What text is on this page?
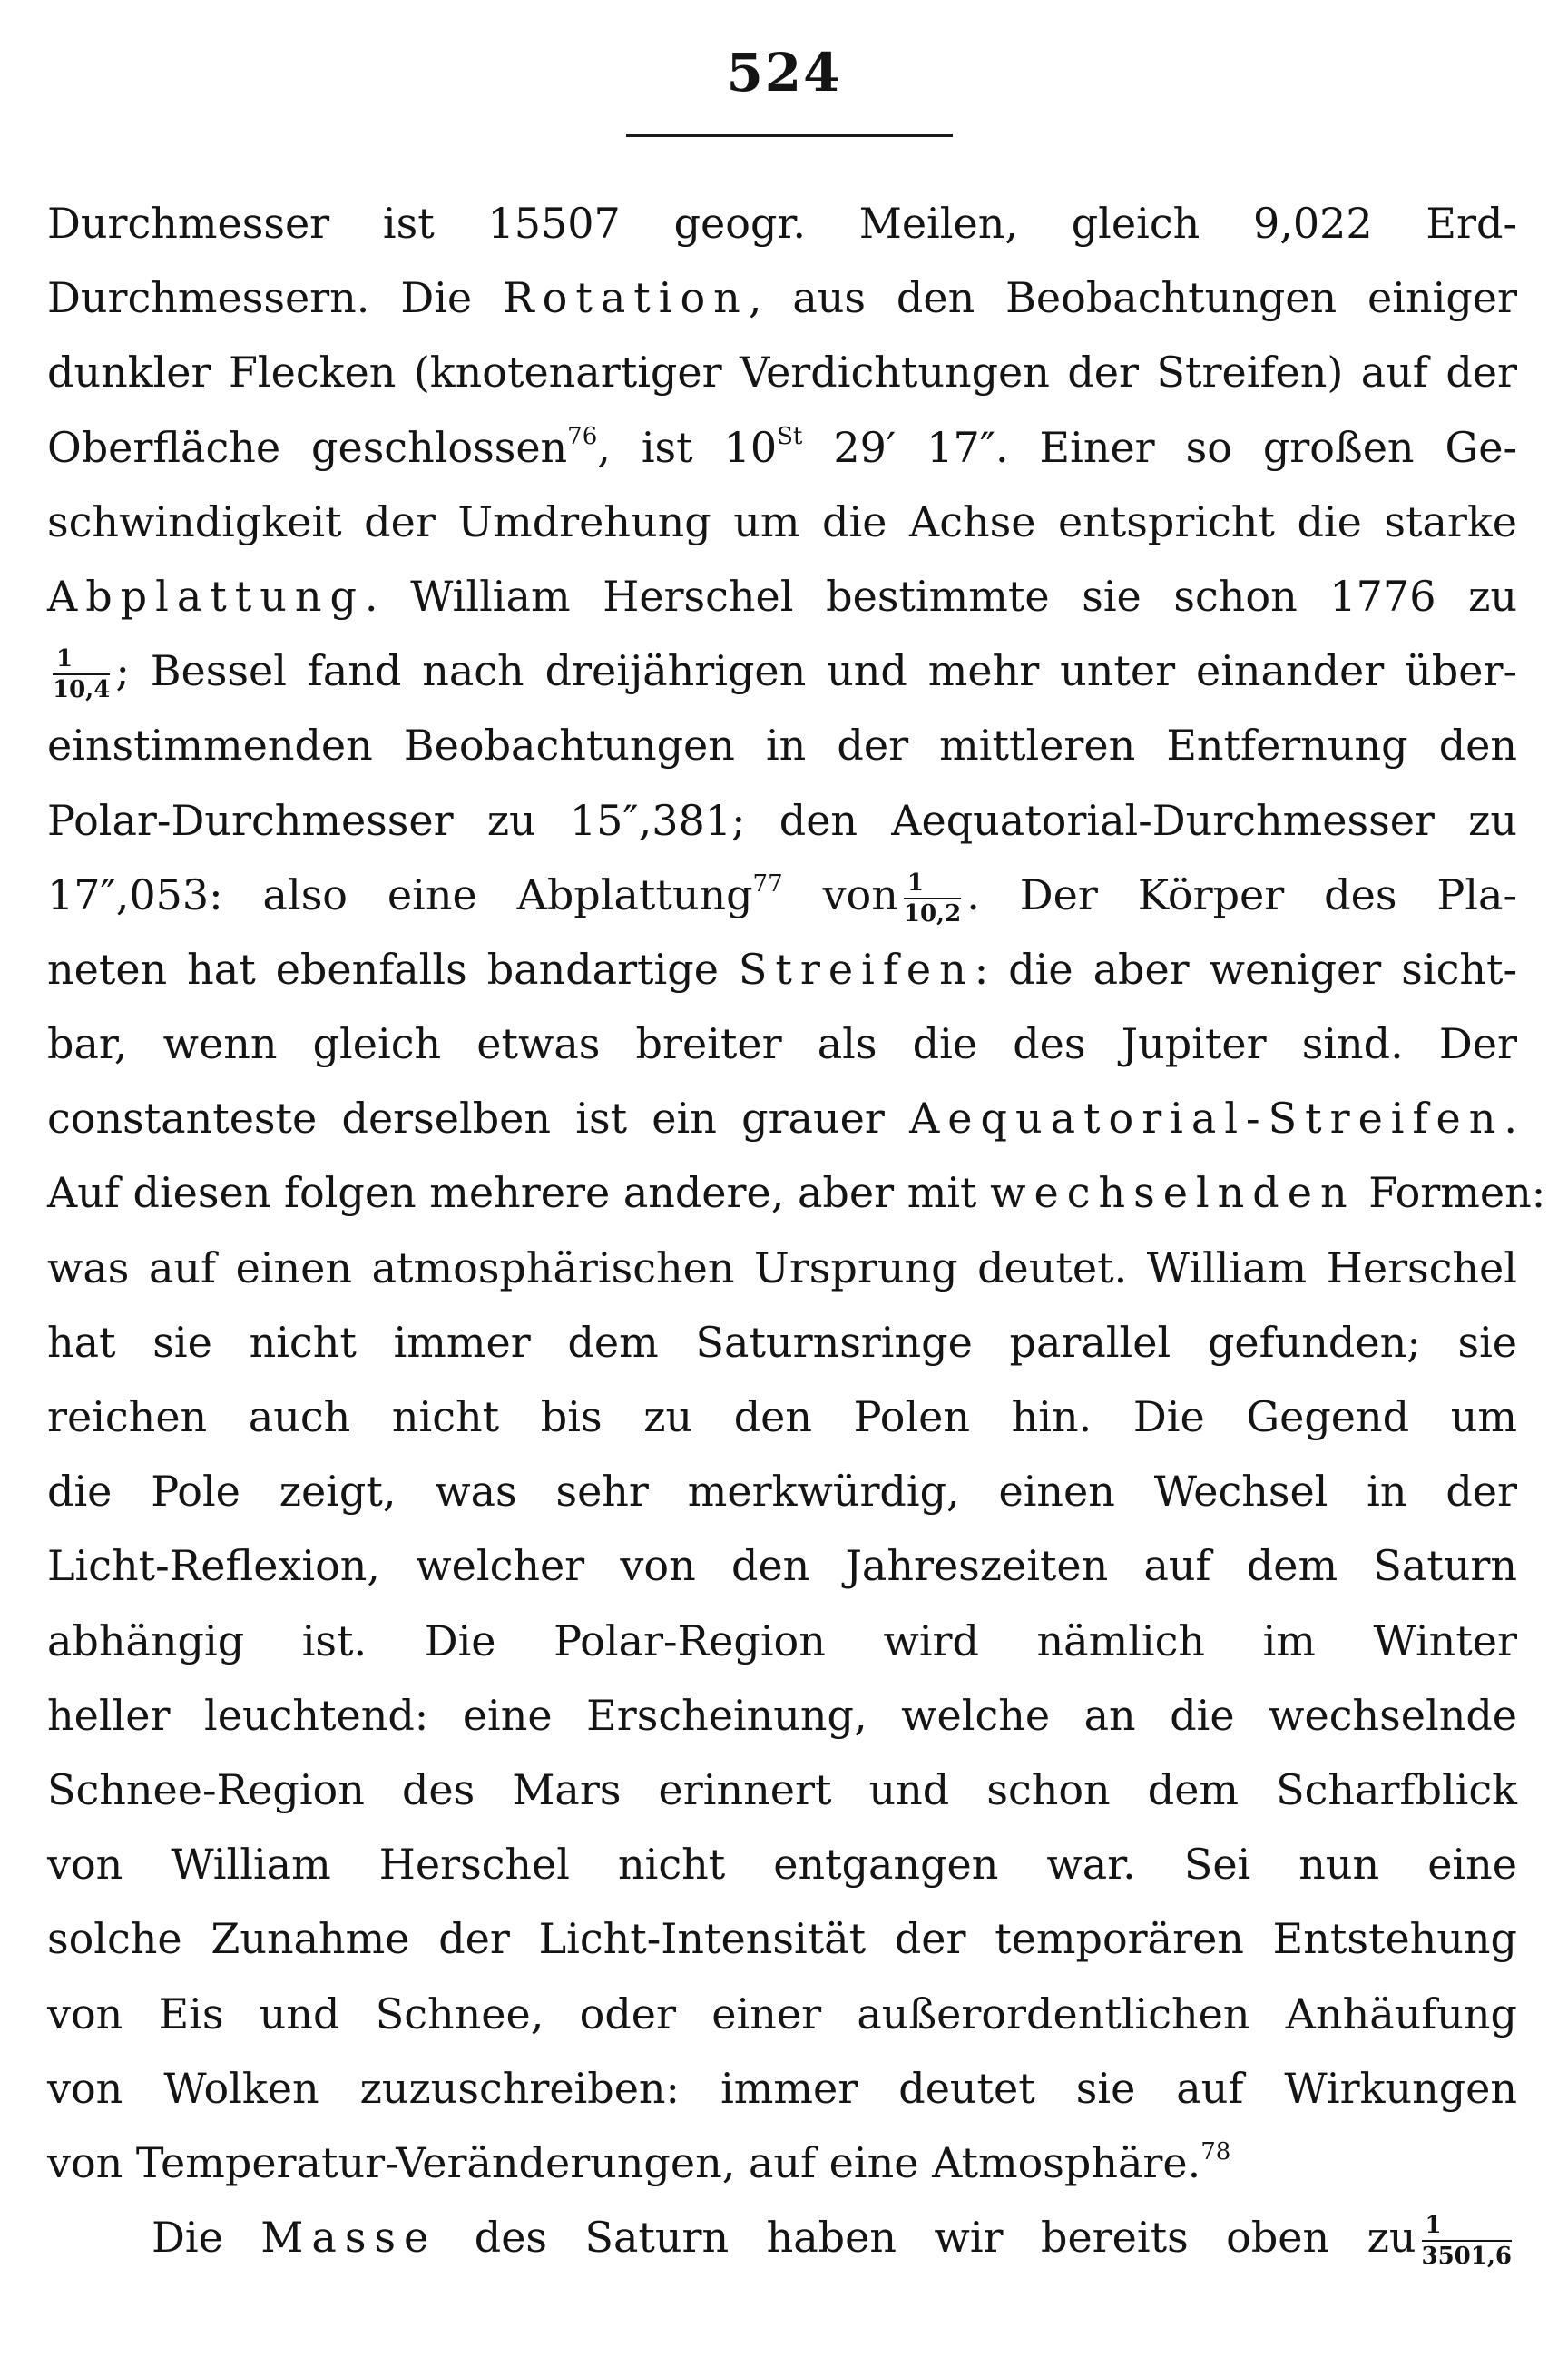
524
Durchmesser ist 15507 geogr. Meilen, gleich 9,022 Erd-
Durchmessern. Die Rotation, aus den Beobachtungen einiger
dunkler Flecken (knotenartiger Verdichtungen der Streifen) auf der
Oberfläche geschlossen$^{76}$, ist 10St 29′ 17″. Einer so großen Ge-
schwindigkeit der Umdrehung um die Achse entspricht die starke
Abplattung. William Herschel bestimmte sie schon 1776 zu
$\frac{1}{10,4}$ ; Bessel fand nach dreijährigen und mehr unter einander über-
einstimmenden Beobachtungen in der mittleren Entfernung den
Polar-Durchmesser zu 15″,381; den Aequatorial-Durchmesser zu
17″,053: also eine Abplattung$^{77}$ von $\frac{1}{10,2}$ . Der Körper des Pla-
neten hat ebenfalls bandartige Streifen: die aber weniger sicht-
bar, wenn gleich etwas breiter als die des Jupiter sind. Der
constanteste derselben ist ein grauer Aequatorial-Streifen.
Auf diesen folgen mehrere andere, aber mit wechselnden Formen:
was auf einen atmosphärischen Ursprung deutet. William Herschel
hat sie nicht immer dem Saturnsringe parallel gefunden; sie
reichen auch nicht bis zu den Polen hin. Die Gegend um
die Pole zeigt, was sehr merkwürdig, einen Wechsel in der
Licht-Reflexion, welcher von den Jahreszeiten auf dem Saturn
abhängig ist. Die Polar-Region wird nämlich im Winter
heller leuchtend: eine Erscheinung, welche an die wechselnde
Schnee-Region des Mars erinnert und schon dem Scharfblick
von William Herschel nicht entgangen war. Sei nun eine
solche Zunahme der Licht-Intensität der temporären Entstehung
von Eis und Schnee, oder einer außerordentlichen Anhäufung
von Wolken zuzuschreiben: immer deutet sie auf Wirkungen
von Temperatur-Veränderungen, auf eine Atmosphäre.$^{78}$
Die Masse des Saturn haben wir bereits oben zu $\frac{1}{3501,6}$
